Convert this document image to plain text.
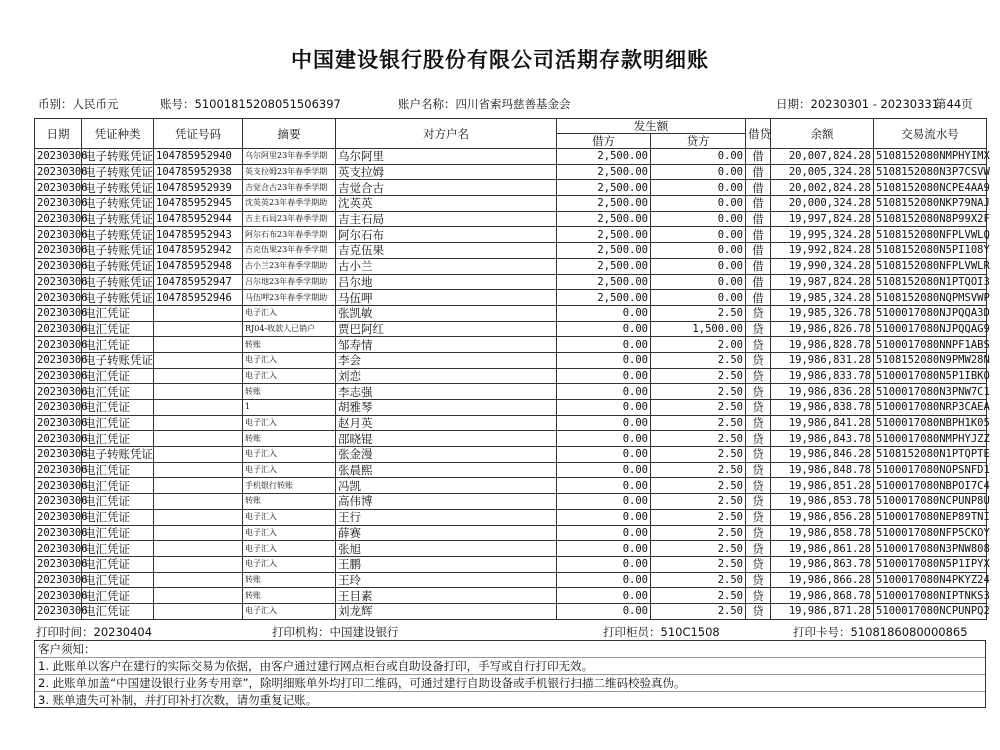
中国建设银行股份有限公司活期存款明细账
币别：人民币元	账号：51001815208051506397	账户名称：四川省索玛慈善基金会	日期：20230301 - 20230331
第44页
日期	凭证种类	凭证号码	摘要	对方户名	发生额		借贷	余额	交易流水号
					借方	贷方			
20230306	电子转账凭证	104785952940	乌尔阿里23年春季学期	乌尔阿里	2,500.00	0.00	借	20,007,824.28	5108152080NMPHYIMX
20230306	电子转账凭证	104785952938	英支拉姆23年春季学期	英支拉姆	2,500.00	0.00	借	20,005,324.28	5108152080N3P7CSVW
20230306	电子转账凭证	104785952939	吉觉合古23年春季学期	吉觉合古	2,500.00	0.00	借	20,002,824.28	5108152080NCPE4AA9
20230306	电子转账凭证	104785952945	沈英英23年春季学期助	沈英英	2,500.00	0.00	借	20,000,324.28	5108152080NKP79NAJ
20230306	电子转账凭证	104785952944	吉主石局23年春季学期	吉主石局	2,500.00	0.00	借	19,997,824.28	5108152080N8P99X2F
20230306	电子转账凭证	104785952943	阿尔石布23年春季学期	阿尔石布	2,500.00	0.00	借	19,995,324.28	5108152080NFPLVWLQ
20230306	电子转账凭证	104785952942	吉克伍果23年春季学期	吉克伍果	2,500.00	0.00	借	19,992,824.28	5108152080N5PI108Y
20230306	电子转账凭证	104785952948	古小兰23年春季学期助	古小兰	2,500.00	0.00	借	19,990,324.28	5108152080NFPLVWLR
20230306	电子转账凭证	104785952947	吕尔地23年春季学期助	吕尔地	2,500.00	0.00	借	19,987,824.28	5108152080N1PTQOI3
20230306	电子转账凭证	104785952946	马伍呷23年春季学期助	马伍呷	2,500.00	0.00	借	19,985,324.28	5108152080NQPMSVWP
20230306	电汇凭证		电子汇入	张凯敏	0.00	2.50	贷	19,985,326.78	5100017080NJPQQA3D
20230306	电汇凭证		RJ04-收款人已销户	贾巴阿红	0.00	1,500.00	贷	19,986,826.78	5100017080NJPQQAG9
20230306	电汇凭证		转账	邹寿情	0.00	2.00	贷	19,986,828.78	5100017080NNPF1ABS
20230306	电子转账凭证		电子汇入	李会	0.00	2.50	贷	19,986,831.28	5108152080N9PMW28N
20230306	电汇凭证		电子汇入	刘恋	0.00	2.50	贷	19,986,833.78	5100017080N5P1IBKO
20230306	电汇凭证		转账	李志强	0.00	2.50	贷	19,986,836.28	5100017080N3PNW7C1
20230306	电汇凭证		1	胡雅琴	0.00	2.50	贷	19,986,838.78	5100017080NRP3CAEA
20230306	电汇凭证		电子汇入	赵月英	0.00	2.50	贷	19,986,841.28	5100017080NBPH1K05
20230306	电汇凭证		转账	邵晓锟	0.00	2.50	贷	19,986,843.78	5100017080NMPHYJZZ
20230306	电子转账凭证		电子汇入	张金漫	0.00	2.50	贷	19,986,846.28	5108152080N1PTQPTE
20230306	电汇凭证		电子汇入	张晨熙	0.00	2.50	贷	19,986,848.78	5100017080NOPSNFD1
20230306	电汇凭证		手机银行转账	冯凯	0.00	2.50	贷	19,986,851.28	5100017080NBPOI7C4
20230306	电汇凭证		转账	高伟博	0.00	2.50	贷	19,986,853.78	5100017080NCPUNP8U
20230306	电汇凭证		电子汇入	王行	0.00	2.50	贷	19,986,856.28	5100017080NEP89TNI
20230306	电汇凭证		电子汇入	薛赛	0.00	2.50	贷	19,986,858.78	5100017080NFP5CKOY
20230306	电汇凭证		电子汇入	张旭	0.00	2.50	贷	19,986,861.28	5100017080N3PNW808
20230306	电汇凭证		电子汇入	王鹏	0.00	2.50	贷	19,986,863.78	5100017080N5P1IPYX
20230306	电汇凭证		转账	王玲	0.00	2.50	贷	19,986,866.28	5100017080N4PKYZ24
20230306	电汇凭证		转账	王目素	0.00	2.50	贷	19,986,868.78	5100017080NIPTNKS3
20230306	电汇凭证		电子汇入	刘龙辉	0.00	2.50	贷	19,986,871.28	5100017080NCPUNPQ2
打印时间：20230404	打印机构：中国建设银行	打印柜员：510C1508	打印卡号：5108186080000865
客户须知：
1. 此账单以客户在建行的实际交易为依据，由客户通过建行网点柜台或自助设备打印，手写或自行打印无效。
2. 此账单加盖“中国建设银行业务专用章”，除明细账单外均打印二维码，可通过建行自助设备或手机银行扫描二维码校验真伪。
3. 账单遗失可补制，并打印补打次数，请勿重复记账。
